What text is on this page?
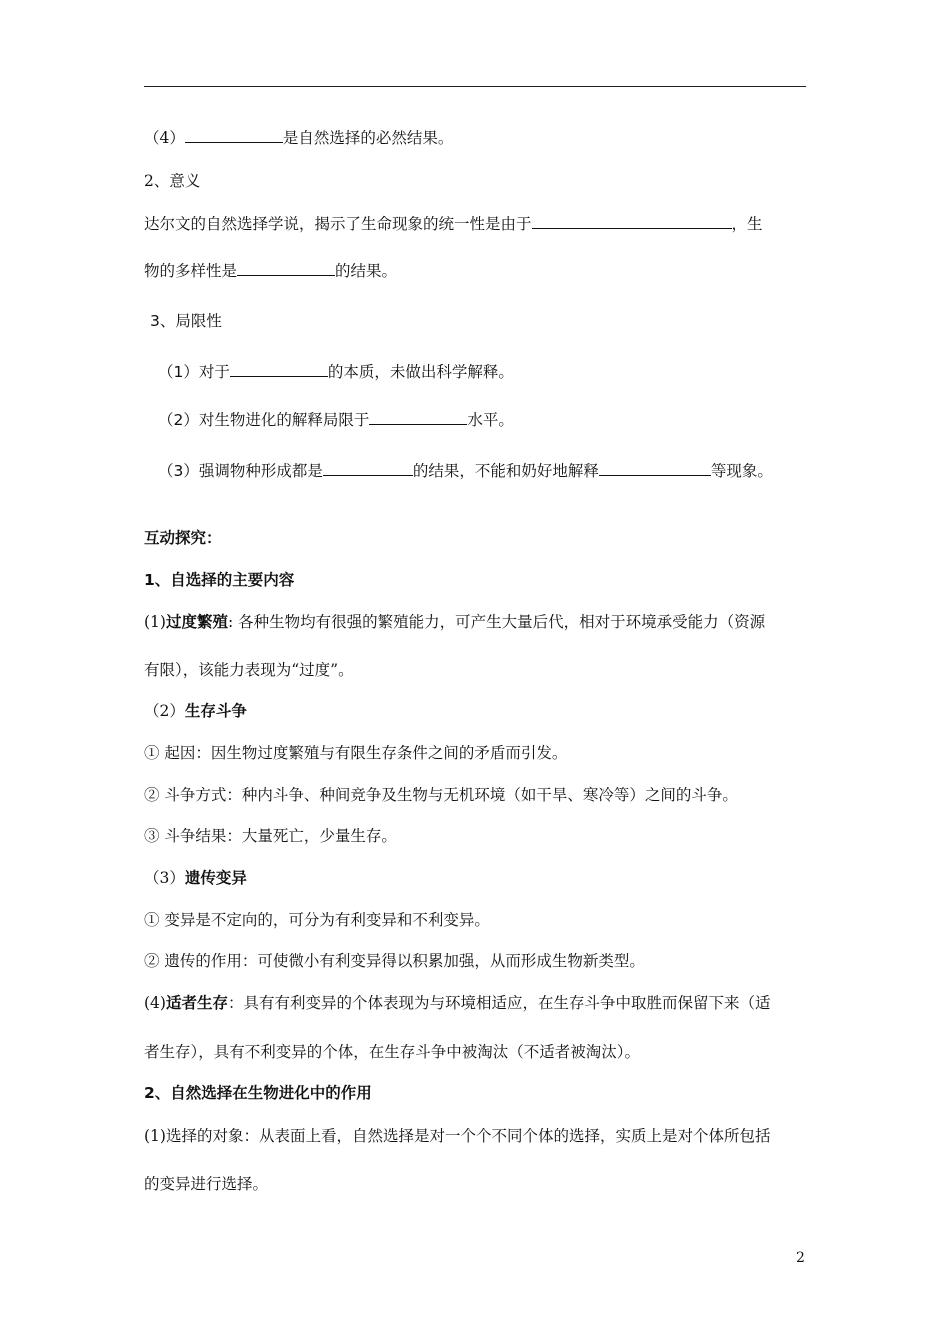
（4）	是自然选择的必然结果。
2、意义
达尔文的自然选择学说，揭示了生命现象的统一性是由于	，生
物的多样性是	的结果。
3、局限性
（1）对于	的本质，未做出科学解释。
（2）对生物进化的解释局限于	水平。
（3）强调物种形成都是	的结果，不能和奶好地解释	等现象。
互动探究：
1、自选择的主要内容
(1)过度繁殖: 各种生物均有很强的繁殖能力，可产生大量后代，相对于环境承受能力（资源
有限），该能力表现为“过度”。
（2）生存斗争
① 起因：因生物过度繁殖与有限生存条件之间的矛盾而引发。
② 斗争方式：种内斗争、种间竞争及生物与无机环境（如干旱、寒冷等）之间的斗争。
③ 斗争结果：大量死亡，少量生存。
（3）遗传变异
① 变异是不定向的，可分为有利变异和不利变异。
② 遗传的作用：可使微小有利变异得以积累加强，从而形成生物新类型。
(4)适者生存：具有有利变异的个体表现为与环境相适应，在生存斗争中取胜而保留下来（适
者生存），具有不利变异的个体，在生存斗争中被淘汰（不适者被淘汰）。
2、自然选择在生物进化中的作用
(1)选择的对象：从表面上看，自然选择是对一个个不同个体的选择，实质上是对个体所包括
的变异进行选择。
2
